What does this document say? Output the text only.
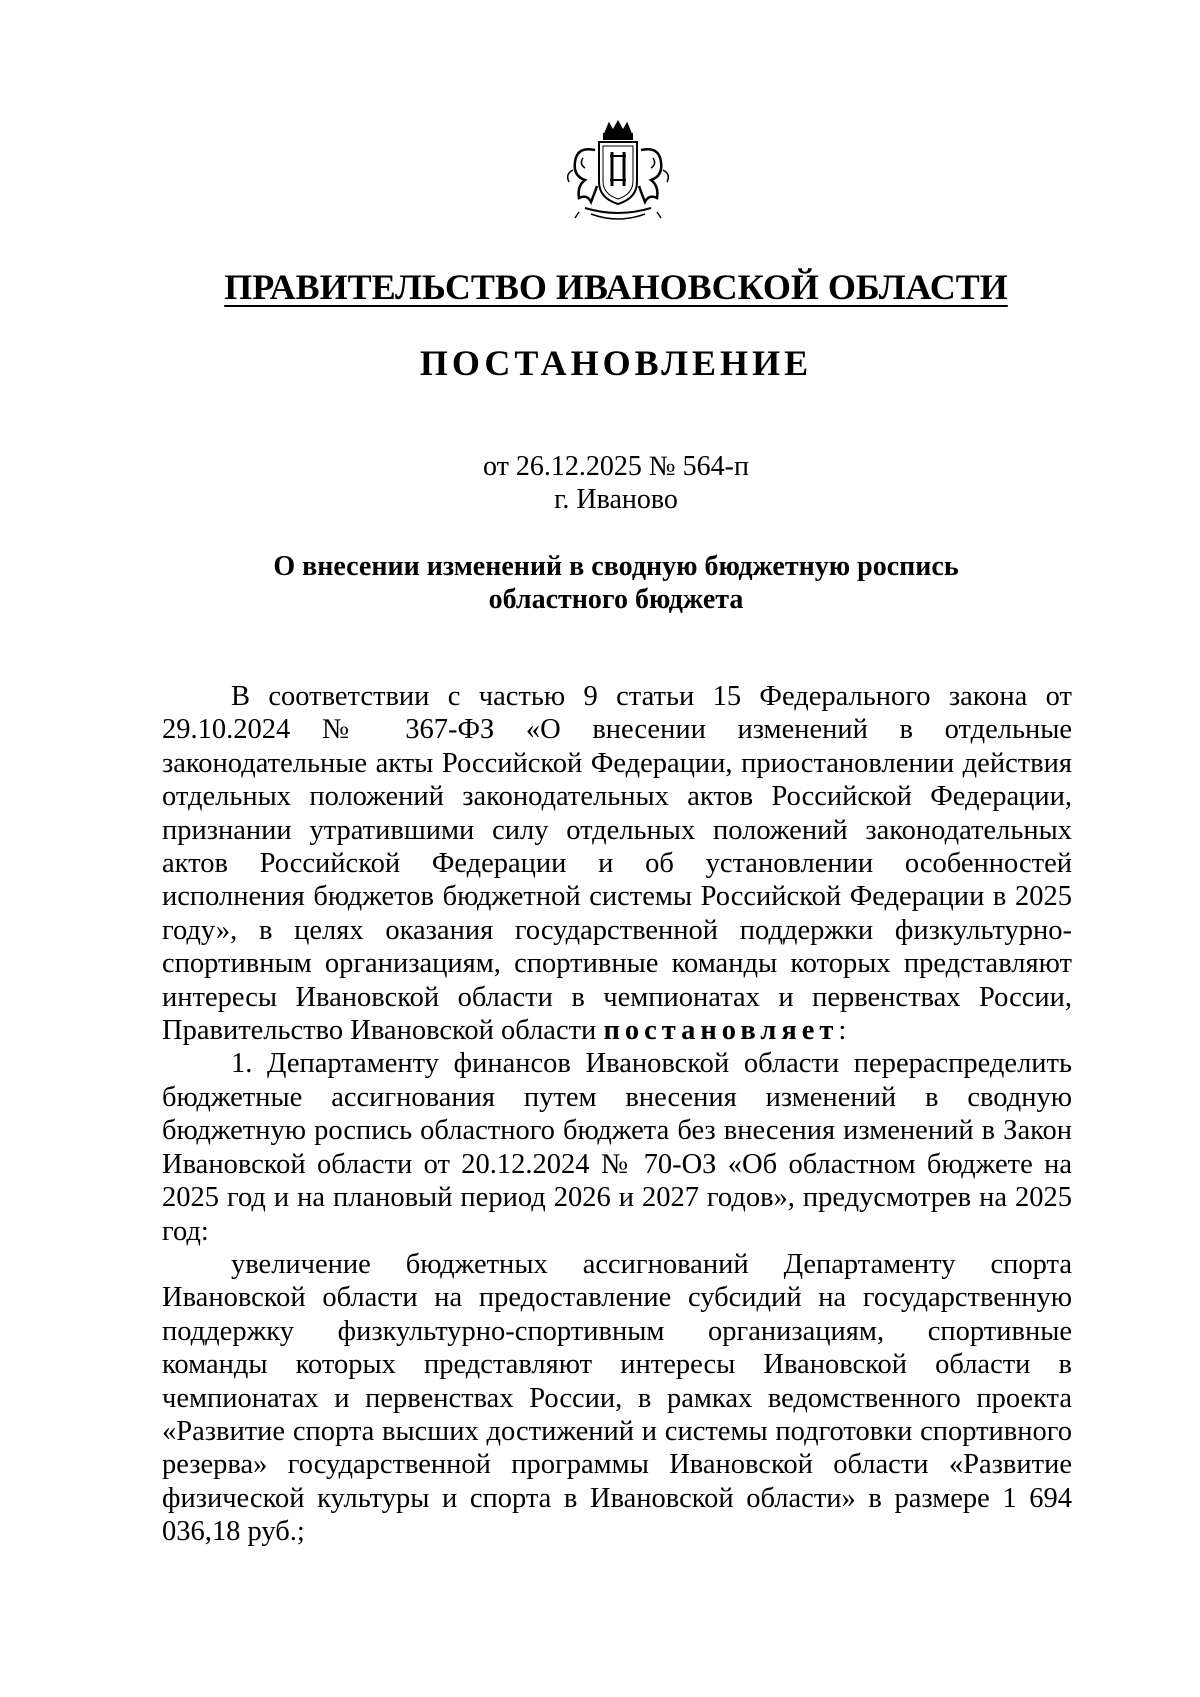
ПРАВИТЕЛЬСТВО ИВАНОВСКОЙ ОБЛАСТИ
ПОСТАНОВЛЕНИЕ
от 26.12.2025 № 564-п
г. Иваново
О внесении изменений в сводную бюджетную роспись
областного бюджета

В соответствии с частью 9 статьи 15 Федерального закона от 29.10.2024 № 367-ФЗ «О внесении изменений в отдельные законодательные акты Российской Федерации, приостановлении действия отдельных положений законодательных актов Российской Федерации, признании утратившими силу отдельных положений законодательных актов Российской Федерации и об установлении особенностей исполнения бюджетов бюджетной системы Российской Федерации в 2025 году», в целях оказания государственной поддержки физкультурно-спортивным организациям, спортивные команды которых представляют интересы Ивановской области в чемпионатах и первенствах России, Правительство Ивановской области постановляет:

1. Департаменту финансов Ивановской области перераспределить бюджетные ассигнования путем внесения изменений в сводную бюджетную роспись областного бюджета без внесения изменений в Закон Ивановской области от 20.12.2024 № 70-ОЗ «Об областном бюджете на 2025 год и на плановый период 2026 и 2027 годов», предусмотрев на 2025 год:

увеличение бюджетных ассигнований Департаменту спорта Ивановской области на предоставление субсидий на государственную поддержку физкультурно-спортивным организациям, спортивные команды которых представляют интересы Ивановской области в чемпионатах и первенствах России, в рамках ведомственного проекта «Развитие спорта высших достижений и системы подготовки спортивного резерва» государственной программы Ивановской области «Развитие физической культуры и спорта в Ивановской области» в размере 1 694 036,18 руб.;
